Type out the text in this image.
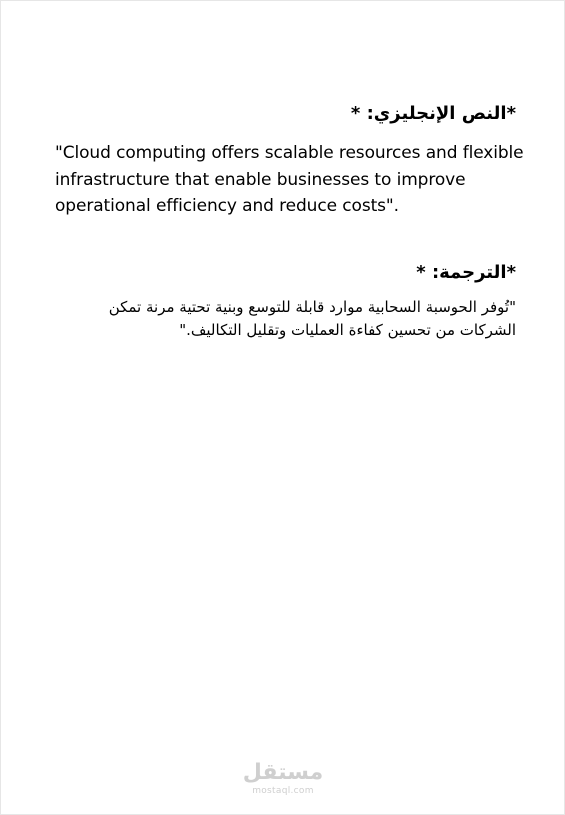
*النص الإنجليزي: *
"Cloud computing offers scalable resources and flexible
infrastructure that enable businesses to improve
operational efficiency and reduce costs".
*الترجمة: *
"تُوفر الحوسبة السحابية موارد قابلة للتوسع وبنية تحتية مرنة تمكن
الشركات من تحسين كفاءة العمليات وتقليل التكاليف."
مستقل
mostaql.com
